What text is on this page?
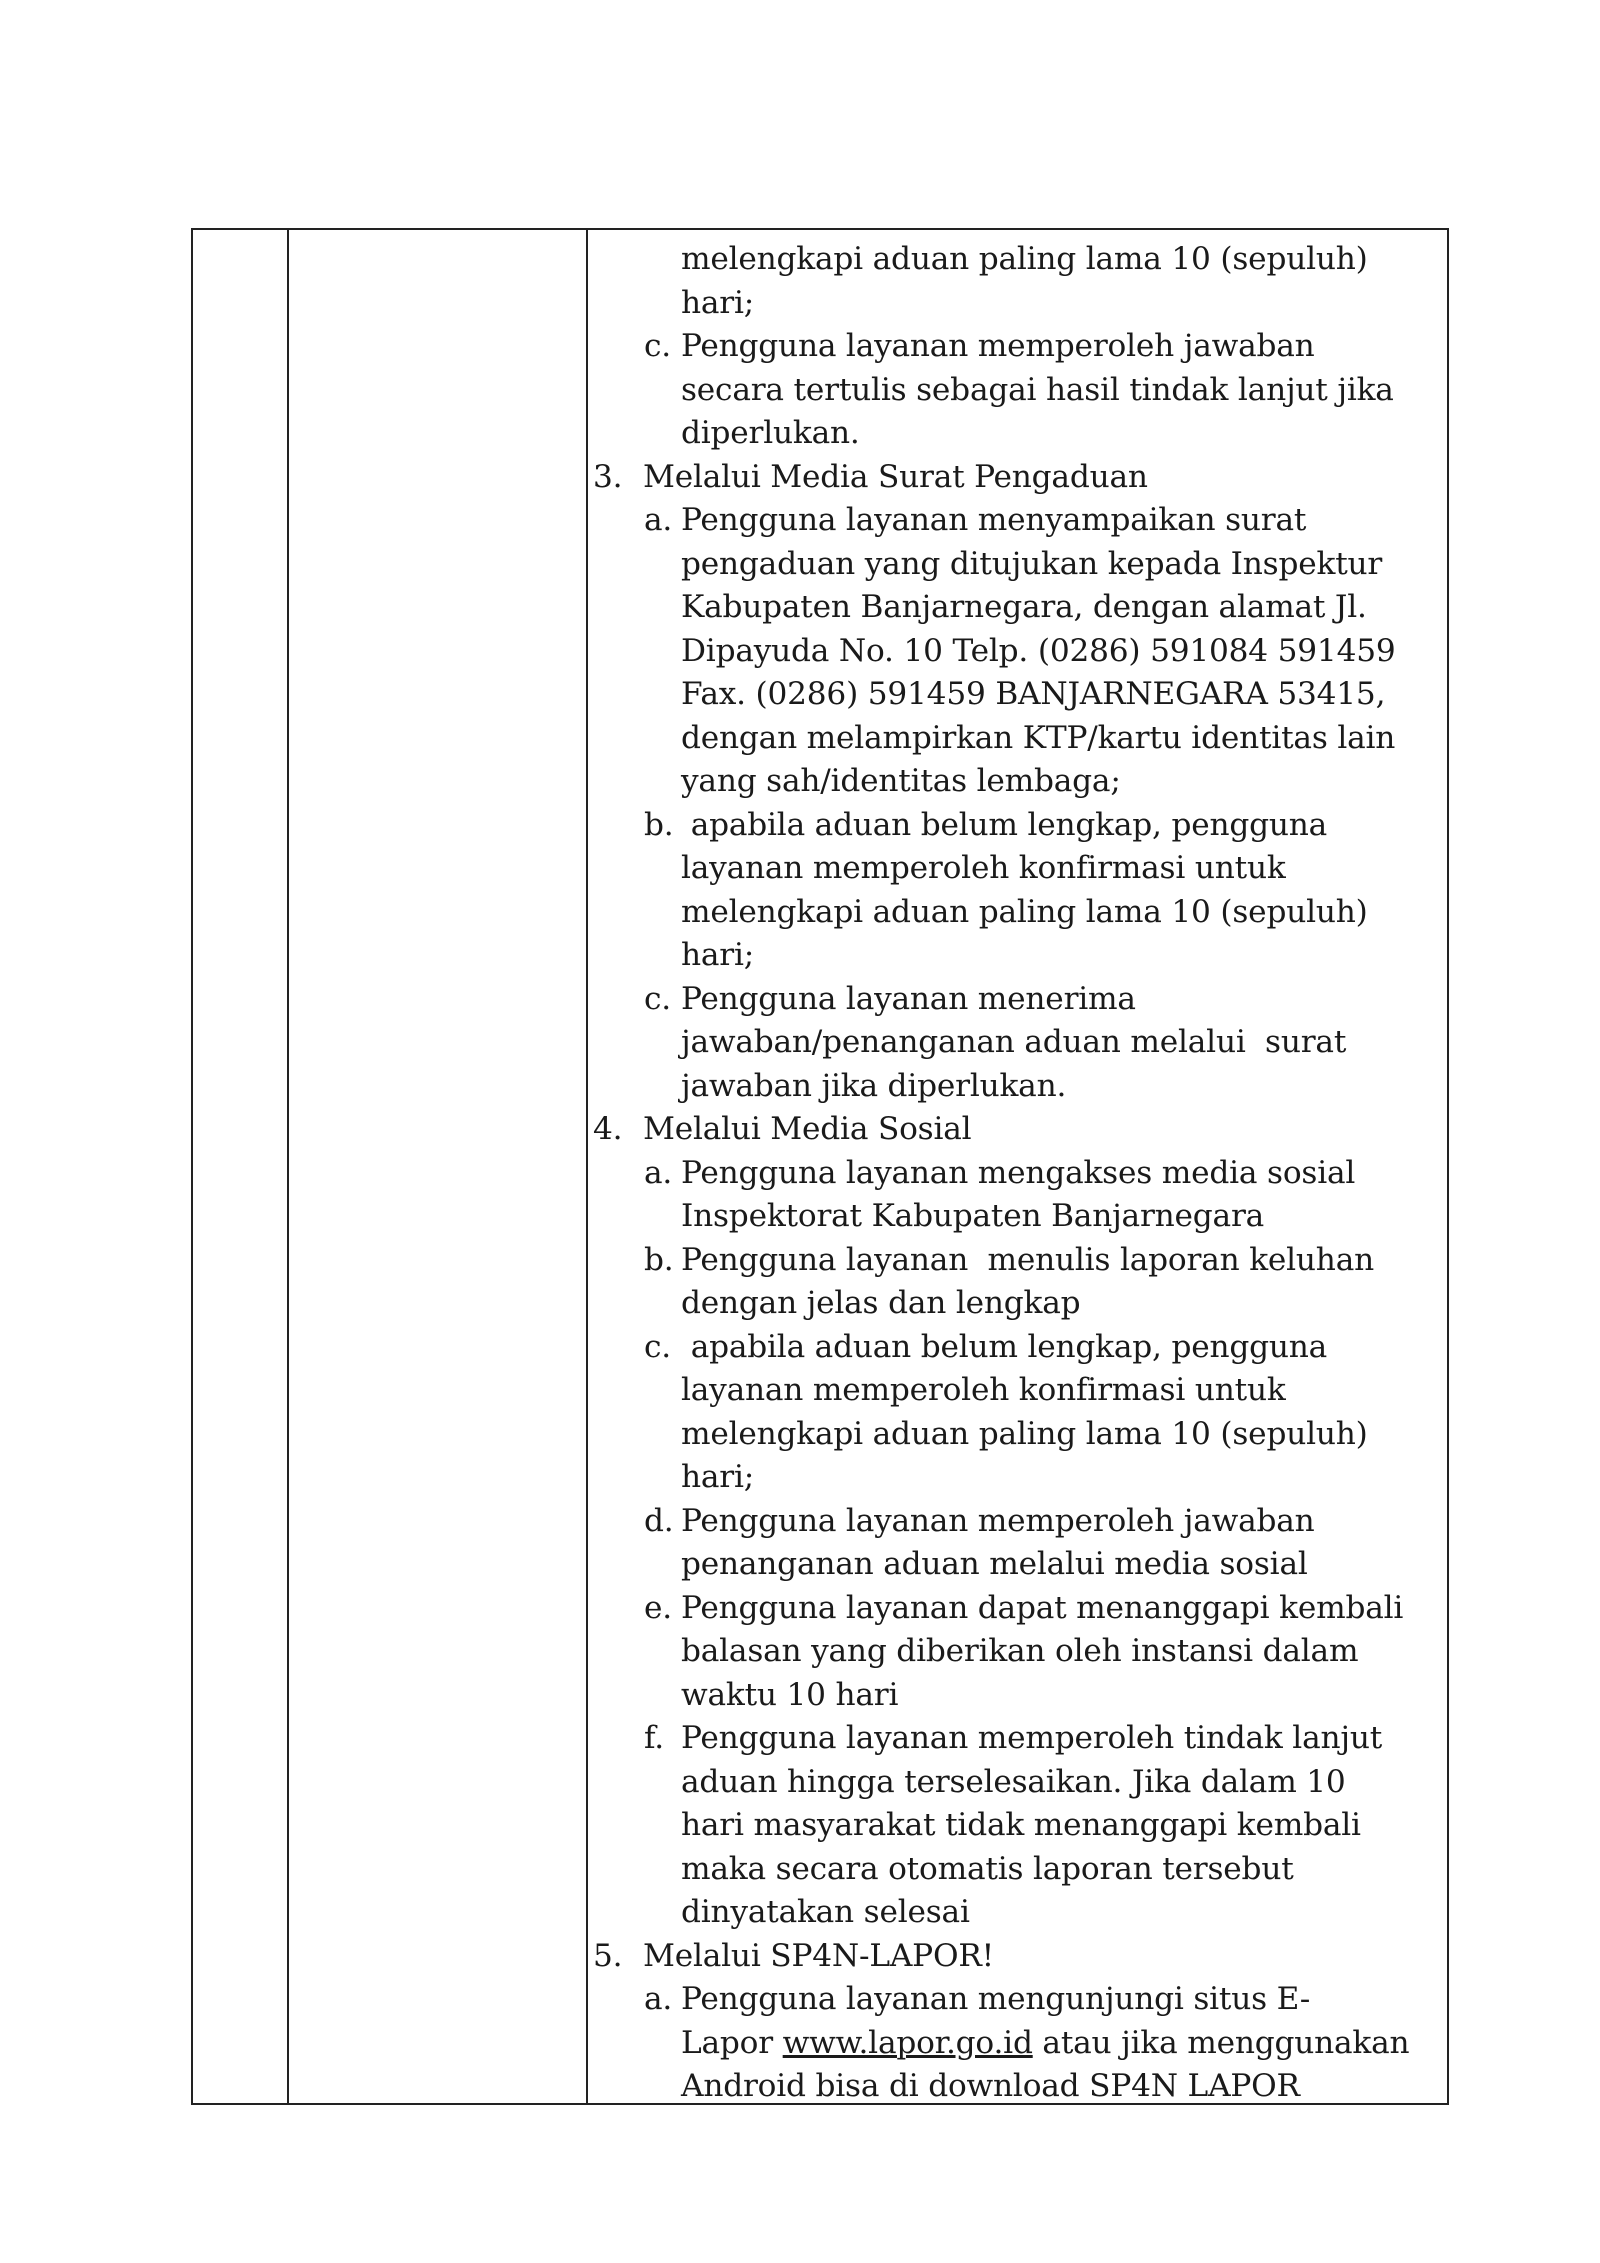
melengkapi aduan paling lama 10 (sepuluh)
hari;
c. Pengguna layanan memperoleh jawaban
secara tertulis sebagai hasil tindak lanjut jika
diperlukan.
3. Melalui Media Surat Pengaduan
a. Pengguna layanan menyampaikan surat
pengaduan yang ditujukan kepada Inspektur
Kabupaten Banjarnegara, dengan alamat Jl.
Dipayuda No. 10 Telp. (0286) 591084 591459
Fax. (0286) 591459 BANJARNEGARA 53415,
dengan melampirkan KTP/kartu identitas lain
yang sah/identitas lembaga;
b. apabila aduan belum lengkap, pengguna
layanan memperoleh konfirmasi untuk
melengkapi aduan paling lama 10 (sepuluh)
hari;
c. Pengguna layanan menerima
jawaban/penanganan aduan melalui  surat
jawaban jika diperlukan.
4. Melalui Media Sosial
a. Pengguna layanan mengakses media sosial
Inspektorat Kabupaten Banjarnegara
b. Pengguna layanan  menulis laporan keluhan
dengan jelas dan lengkap
c. apabila aduan belum lengkap, pengguna
layanan memperoleh konfirmasi untuk
melengkapi aduan paling lama 10 (sepuluh)
hari;
d. Pengguna layanan memperoleh jawaban
penanganan aduan melalui media sosial
e. Pengguna layanan dapat menanggapi kembali
balasan yang diberikan oleh instansi dalam
waktu 10 hari
f. Pengguna layanan memperoleh tindak lanjut
aduan hingga terselesaikan. Jika dalam 10
hari masyarakat tidak menanggapi kembali
maka secara otomatis laporan tersebut
dinyatakan selesai
5. Melalui SP4N-LAPOR!
a. Pengguna layanan mengunjungi situs E-
Lapor www.lapor.go.id atau jika menggunakan
Android bisa di download SP4N LAPOR
